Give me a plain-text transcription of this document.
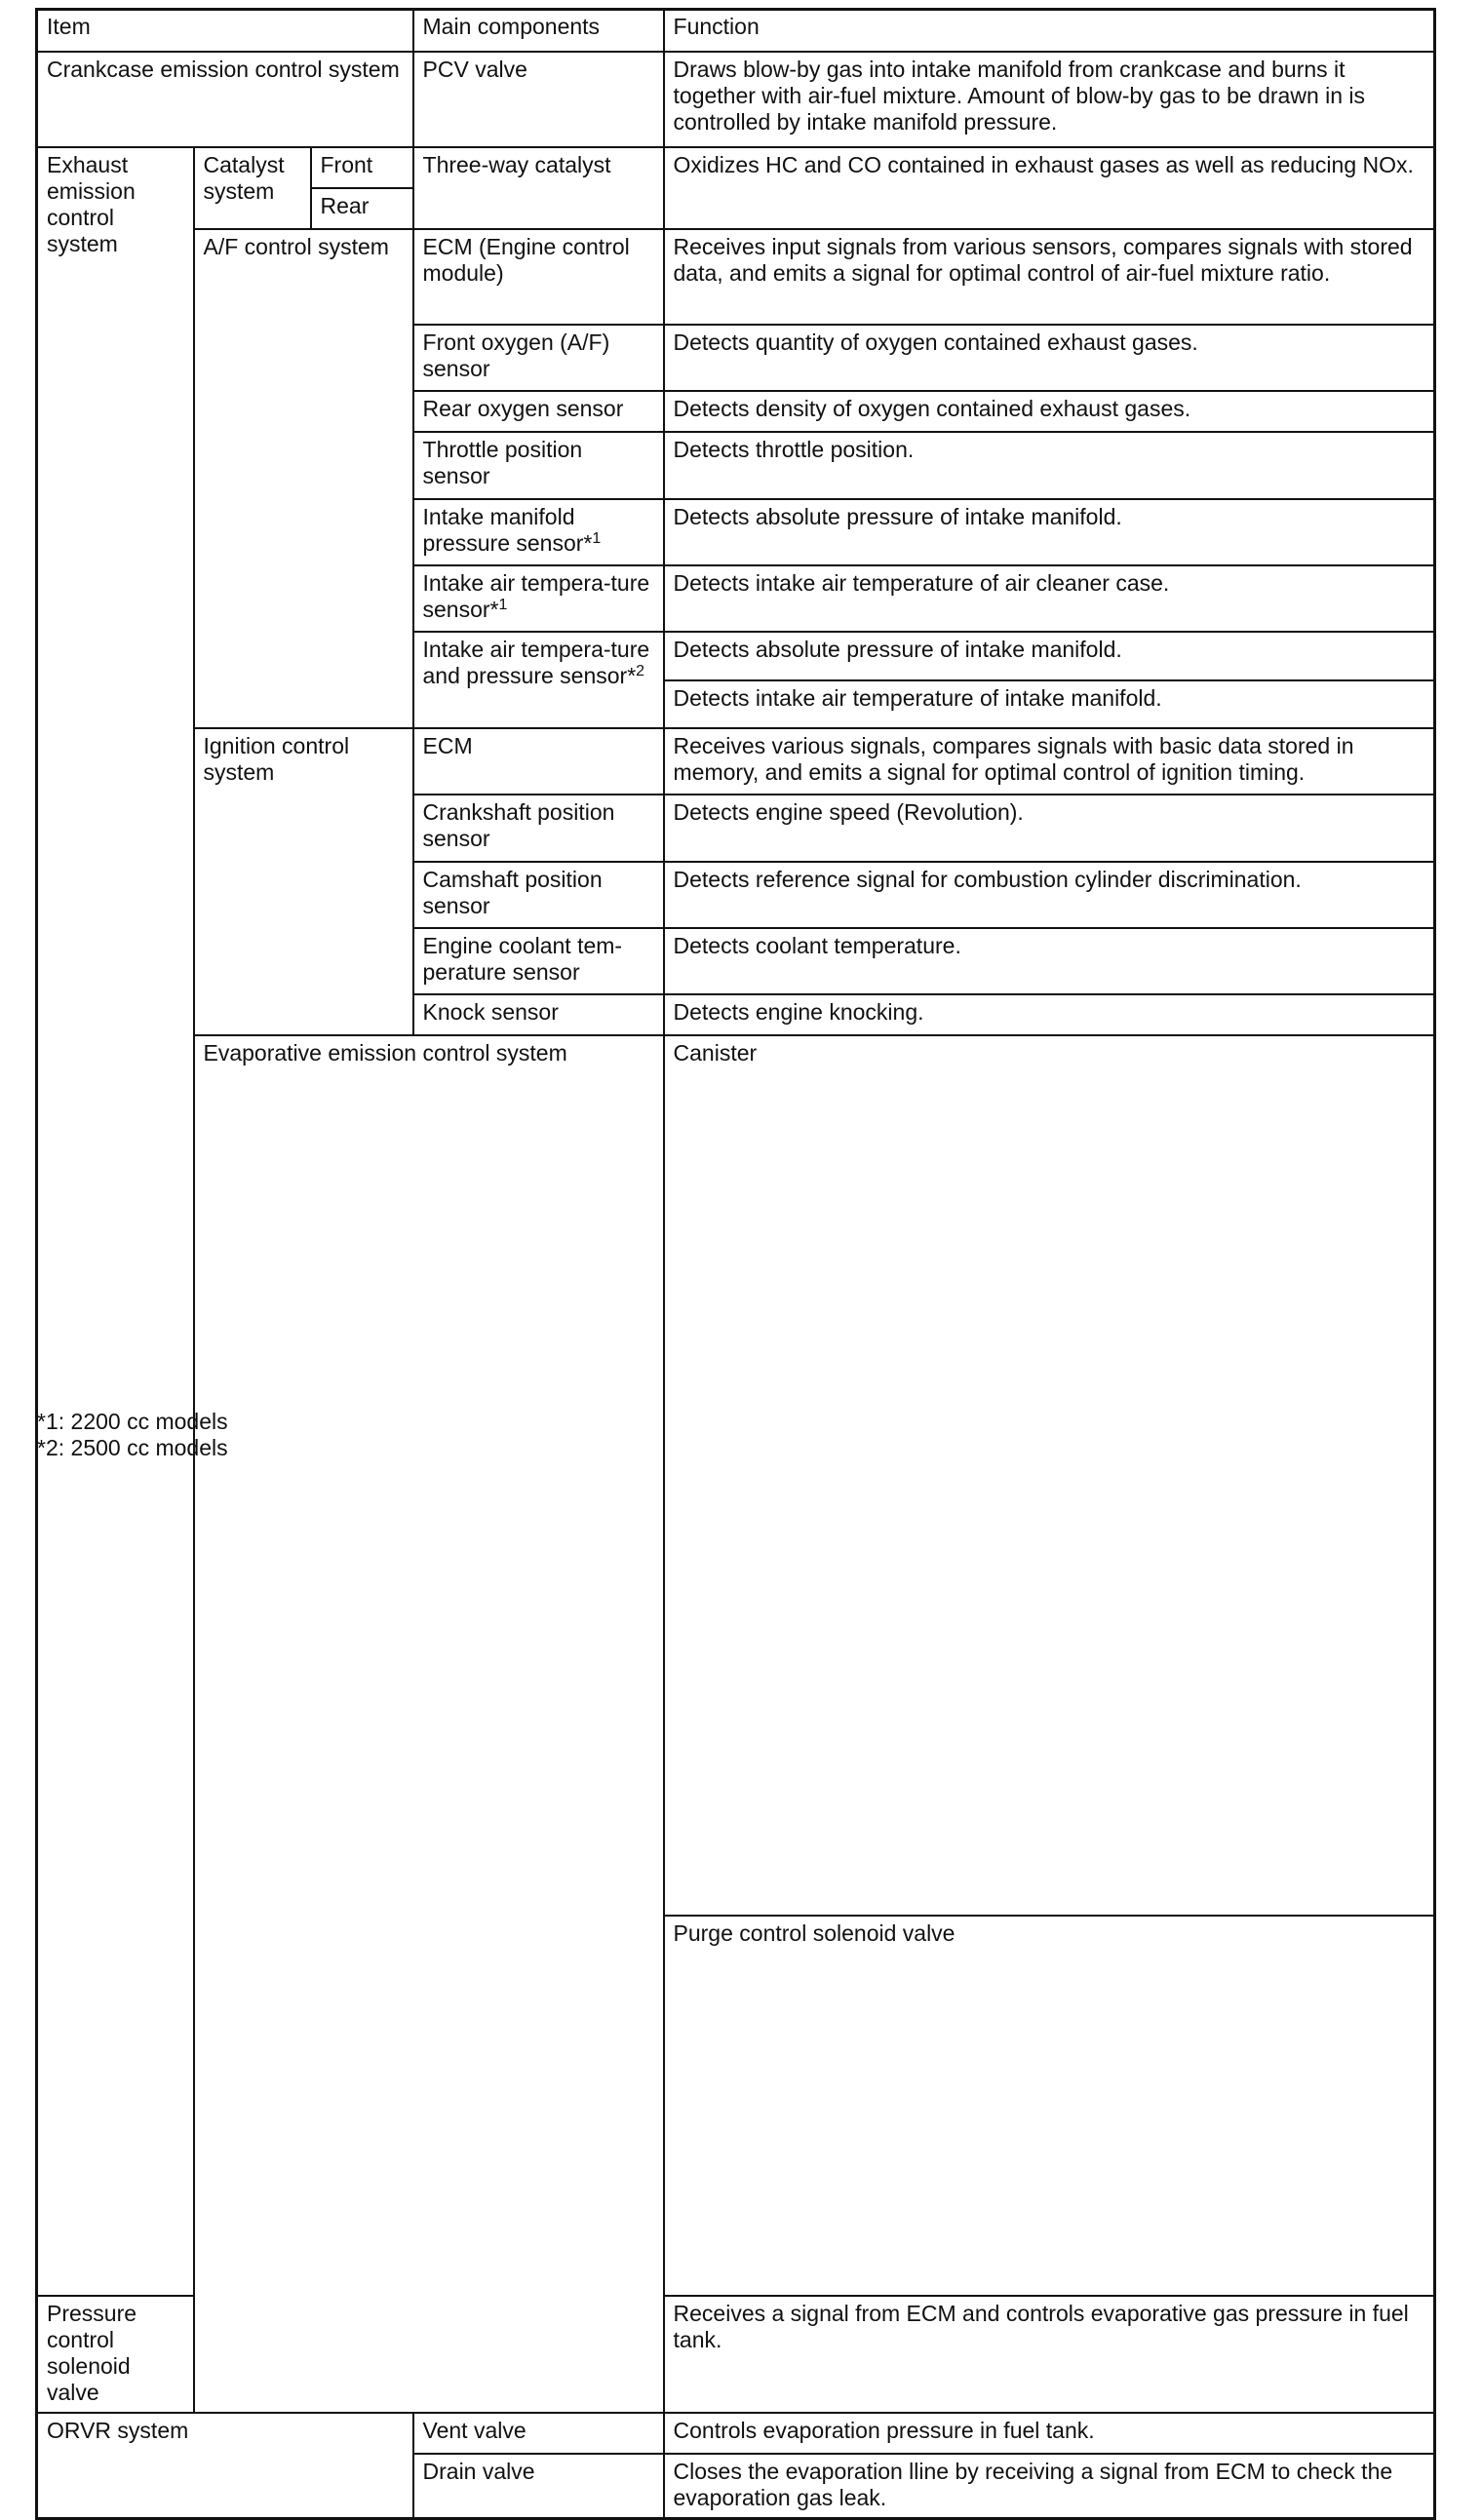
Item			Main components	Function	
Crankcase emission control system			PCV valve	Draws blow-by gas into intake manifold from crankcase and burns it together with air-fuel mixture. Amount of blow-by gas to be drawn in is controlled by intake manifold pressure.	
Exhaust emission control system	Catalyst system	Front	Three-way catalyst	Oxidizes HC and CO contained in exhaust gases as well as reducing NOx.	
		Rear			
	A/F control system		ECM (Engine control module)	Receives input signals from various sensors, compares signals with stored data, and emits a signal for optimal control of air-fuel mixture ratio.	
			Front oxygen (A/F) sensor	Detects quantity of oxygen contained exhaust gases.	
			Rear oxygen sensor	Detects density of oxygen contained exhaust gases.	
			Throttle position sensor	Detects throttle position.	
			Intake manifold pressure sensor*$^1$	Detects absolute pressure of intake manifold.	
			Intake air tempera-ture sensor*$^1$	Detects intake air temperature of air cleaner case.	
			Intake air tempera-ture and pressure sensor*$^2$	Detects absolute pressure of intake manifold.	
				Detects intake air temperature of intake manifold.	
	Ignition control system		ECM	Receives various signals, compares signals with basic data stored in memory, and emits a signal for optimal control of ignition timing.	
			Crankshaft position sensor	Detects engine speed (Revolution).	
			Camshaft position sensor	Detects reference signal for combustion cylinder discrimination.	
			Engine coolant tem-perature sensor	Detects coolant temperature.	
			Knock sensor	Detects engine knocking.	
	Evaporative emission control system			Canister	
				Purge control solenoid valve	
Pressure control solenoid valve				Receives a signal from ECM and controls evaporative gas pressure in fuel tank.	
ORVR system			Vent valve	Controls evaporation pressure in fuel tank.	
			Drain valve	Closes the evaporation lline by receiving a signal from ECM to check the evaporation gas leak.	
*1: 2200 cc models
*2: 2500 cc models
